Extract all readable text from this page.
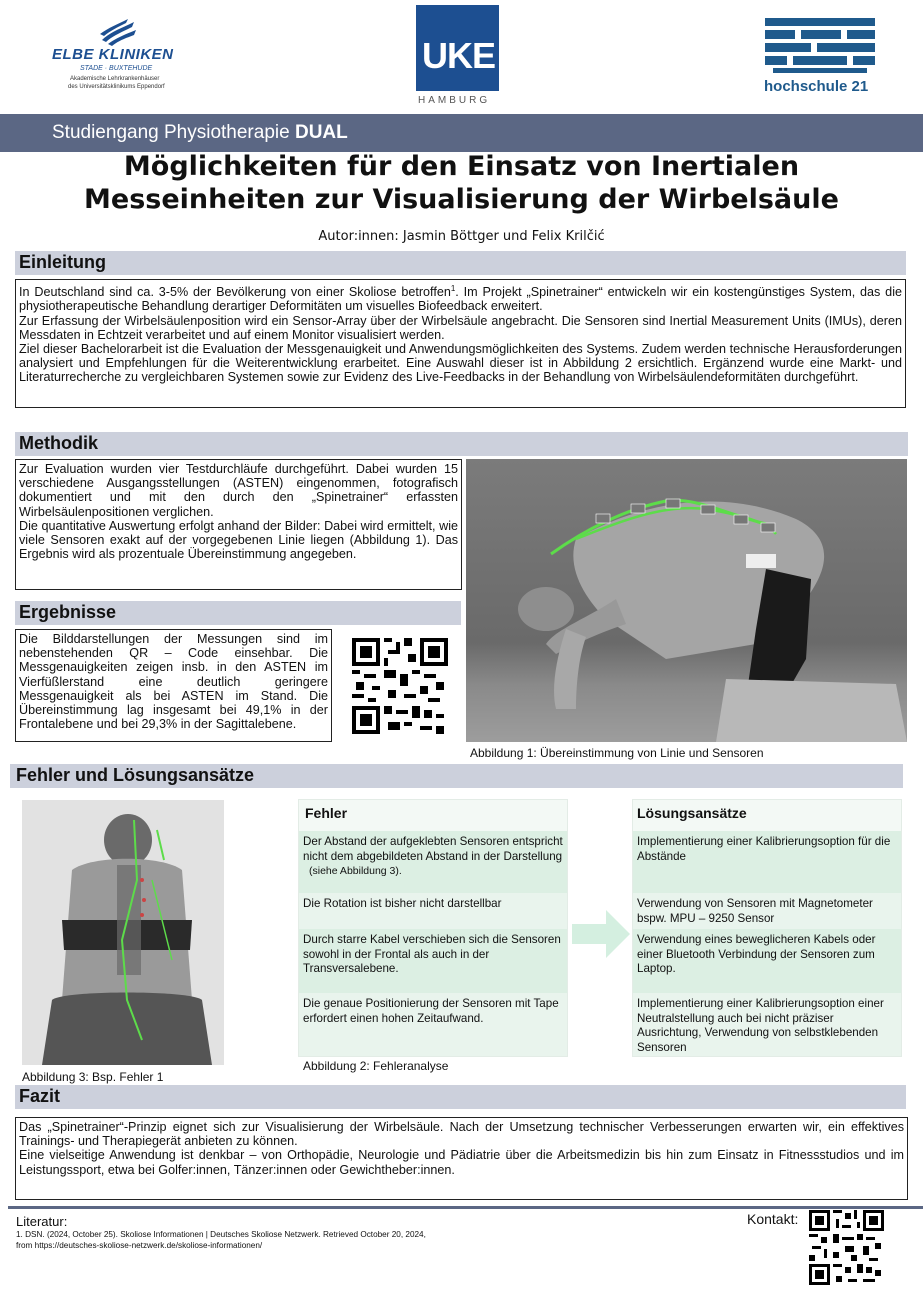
ELBE KLINIKEN
STADE · BUXTEHUDE
Akademische Lehrkrankenhäuser
des Universitätsklinikums Eppendorf
UKE
HAMBURG
hochschule 21
Studiengang Physiotherapie DUAL
Möglichkeiten für den Einsatz von Inertialen
Messeinheiten zur Visualisierung der Wirbelsäule
Autor:innen: Jasmin Böttger und Felix Krilčić
Einleitung

In Deutschland sind ca. 3-5% der Bevölkerung von einer Skoliose betroffen$^1$. Im Projekt „Spinetrainer“ entwickeln wir ein kostengünstiges System, das die physiotherapeutische Behandlung derartiger Deformitäten um visuelles Biofeedback erweitert.

Zur Erfassung der Wirbelsäulenposition wird ein Sensor-Array über der Wirbelsäule angebracht. Die Sensoren sind Inertial Measurement Units (IMUs), deren Messdaten in Echtzeit verarbeitet und auf einem Monitor visualisiert werden.

Ziel dieser Bachelorarbeit ist die Evaluation der Messgenauigkeit und Anwendungsmöglichkeiten des Systems. Zudem werden technische Herausforderungen analysiert und Empfehlungen für die Weiterentwicklung erarbeitet. Eine Auswahl dieser ist in Abbildung 2 ersichtlich. Ergänzend wurde eine Markt- und Literaturrecherche zu vergleichbaren Systemen sowie zur Evidenz des Live-Feedbacks in der Behandlung von Wirbelsäulendeformitäten durchgeführt.

Methodik

Zur Evaluation wurden vier Testdurchläufe durchgeführt. Dabei wurden 15 verschiedene Ausgangsstellungen (ASTEN) eingenommen, fotografisch dokumentiert und mit den durch den „Spinetrainer“ erfassten Wirbelsäulenpositionen verglichen.

Die quantitative Auswertung erfolgt anhand der Bilder: Dabei wird ermittelt, wie viele Sensoren exakt auf der vorgegebenen Linie liegen (Abbildung 1). Das Ergebnis wird als prozentuale Übereinstimmung angegeben.

Abbildung 1: Übereinstimmung von Linie und Sensoren
Ergebnisse

Die Bilddarstellungen der Messungen sind im nebenstehenden QR – Code einsehbar. Die Messgenauigkeiten zeigen insb. in den ASTEN im Vierfüßlerstand eine deutlich geringere Messgenauigkeit als bei ASTEN im Stand. Die Übereinstimmung lag insgesamt bei 49,1% in der Frontalebene und bei 29,3% in der Sagittalebene.

Fehler und Lösungsansätze
Abbildung 3: Bsp. Fehler 1
Fehler
Der Abstand der aufgeklebten Sensoren entspricht nicht dem abgebildeten Abstand in der Darstellung (siehe Abbildung 3).
Die Rotation ist bisher nicht darstellbar
Durch starre Kabel verschieben sich die Sensoren sowohl in der Frontal als auch in der Transversalebene.
Die genaue Positionierung der Sensoren mit Tape erfordert einen hohen Zeitaufwand.
Abbildung 2: Fehleranalyse
Lösungsansätze
Implementierung einer Kalibrierungsoption für die Abstände
Verwendung von Sensoren mit Magnetometer bspw. MPU – 9250 Sensor
Verwendung eines beweglicheren Kabels oder einer Bluetooth Verbindung der Sensoren zum Laptop.
Implementierung einer Kalibrierungsoption einer Neutralstellung auch bei nicht präziser Ausrichtung, Verwendung von selbstklebenden Sensoren
Fazit

Das „Spinetrainer“-Prinzip eignet sich zur Visualisierung der Wirbelsäule. Nach der Umsetzung technischer Verbesserungen erwarten wir, ein effektives Trainings- und Therapiegerät anbieten zu können.

Eine vielseitige Anwendung ist denkbar – von Orthopädie, Neurologie und Pädiatrie über die Arbeitsmedizin bis hin zum Einsatz in Fitnessstudios und im Leistungssport, etwa bei Golfer:innen, Tänzer:innen oder Gewichtheber:innen.

Literatur:
1. DSN. (2024, October 25). Skoliose Informationen | Deutsches Skoliose Netzwerk. Retrieved October 20, 2024,
from https://deutsches-skoliose-netzwerk.de/skoliose-informationen/
Kontakt:
